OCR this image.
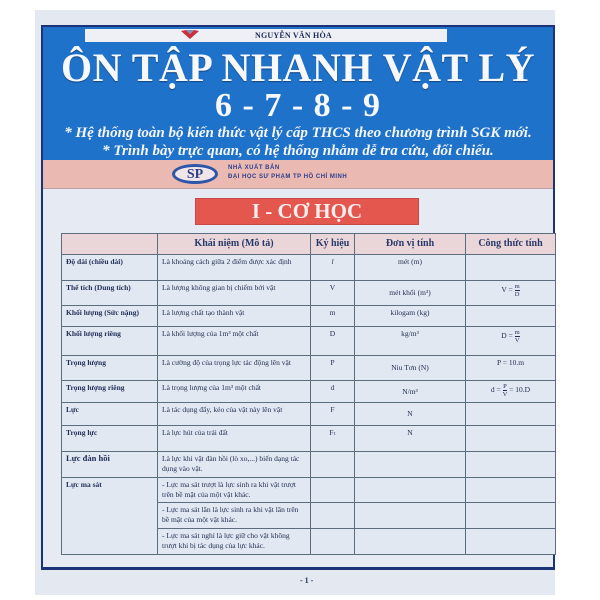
NGUYỄN VĂN HÒA
ÔN TẬP NHANH VẬT LÝ
6 - 7 - 8 - 9
* Hệ thống toàn bộ kiến thức vật lý cấp THCS theo chương trình SGK mới.
* Trình bày trực quan, có hệ thống nhằm dễ tra cứu, đối chiếu.
SP	NHÀ XUẤT BẢN
ĐẠI HỌC SƯ PHẠM TP HỒ CHÍ MINH
I - CƠ HỌC
	Khái niệm (Mô tả)	Ký hiệu	Đơn vị tính	Công thức tính
Độ dài (chiều dài)	Là khoảng cách giữa 2 điểm được xác định	l	mét (m)	
Thể tích (Dung tích)	Là lượng không gian bị chiếm bởi vật	V	mét khối (m³)	$V = \frac{m}{D}$

Khối lượng (Sức nặng)	Là lượng chất tạo thành vật	m	kilogam (kg)	
Khối lượng riêng	Là khối lượng của 1m³ một chất	D	kg/m³	$D = \frac{m}{V}$

Trọng lượng	Là cường độ của trọng lực tác động lên vật	P	Niu Tơn (N)	P = 10.m
Trọng lượng riêng	Là trọng lượng của 1m³ một chất	d	N/m³	$d = \frac{P}{V} = 10.D$
Lực	Là tác dụng đẩy, kéo của vật này lên vật	F	N	
Trọng lực	Là lực hút của trái đất	Fₜ	N	
Lực đàn hồi	Là lực khi vật đàn hồi (lò xo,...) biến dạng tác dụng vào vật.			
Lực ma sát	- Lực ma sát trượt là lực sinh ra khi vật trượt trên bề mặt của một vật khác.			
	- Lực ma sát lăn là lực sinh ra khi vật lăn trên bề mặt của một vật khác.			
	- Lực ma sát nghỉ là lực giữ cho vật không trượt khi bị tác dụng của lực khác.			
- 1 -
